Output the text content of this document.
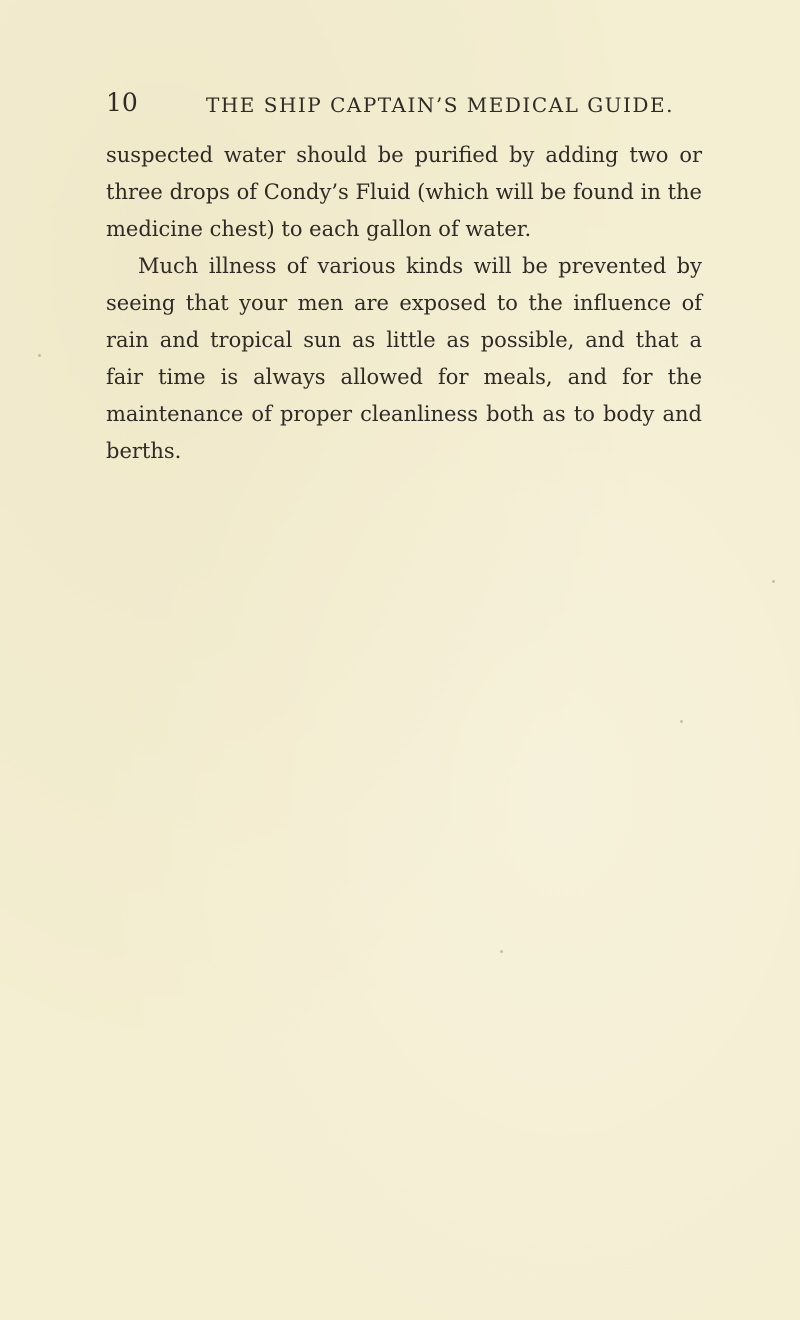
10	THE SHIP CAPTAIN’S MEDICAL GUIDE.

suspected water should be purified by adding two or three drops of Condy’s Fluid (which will be found in the medicine chest) to each gallon of water.

Much illness of various kinds will be prevented by seeing that your men are exposed to the influence of rain and tropical sun as little as possible, and that a fair time is always allowed for meals, and for the maintenance of proper cleanliness both as to body and berths.
